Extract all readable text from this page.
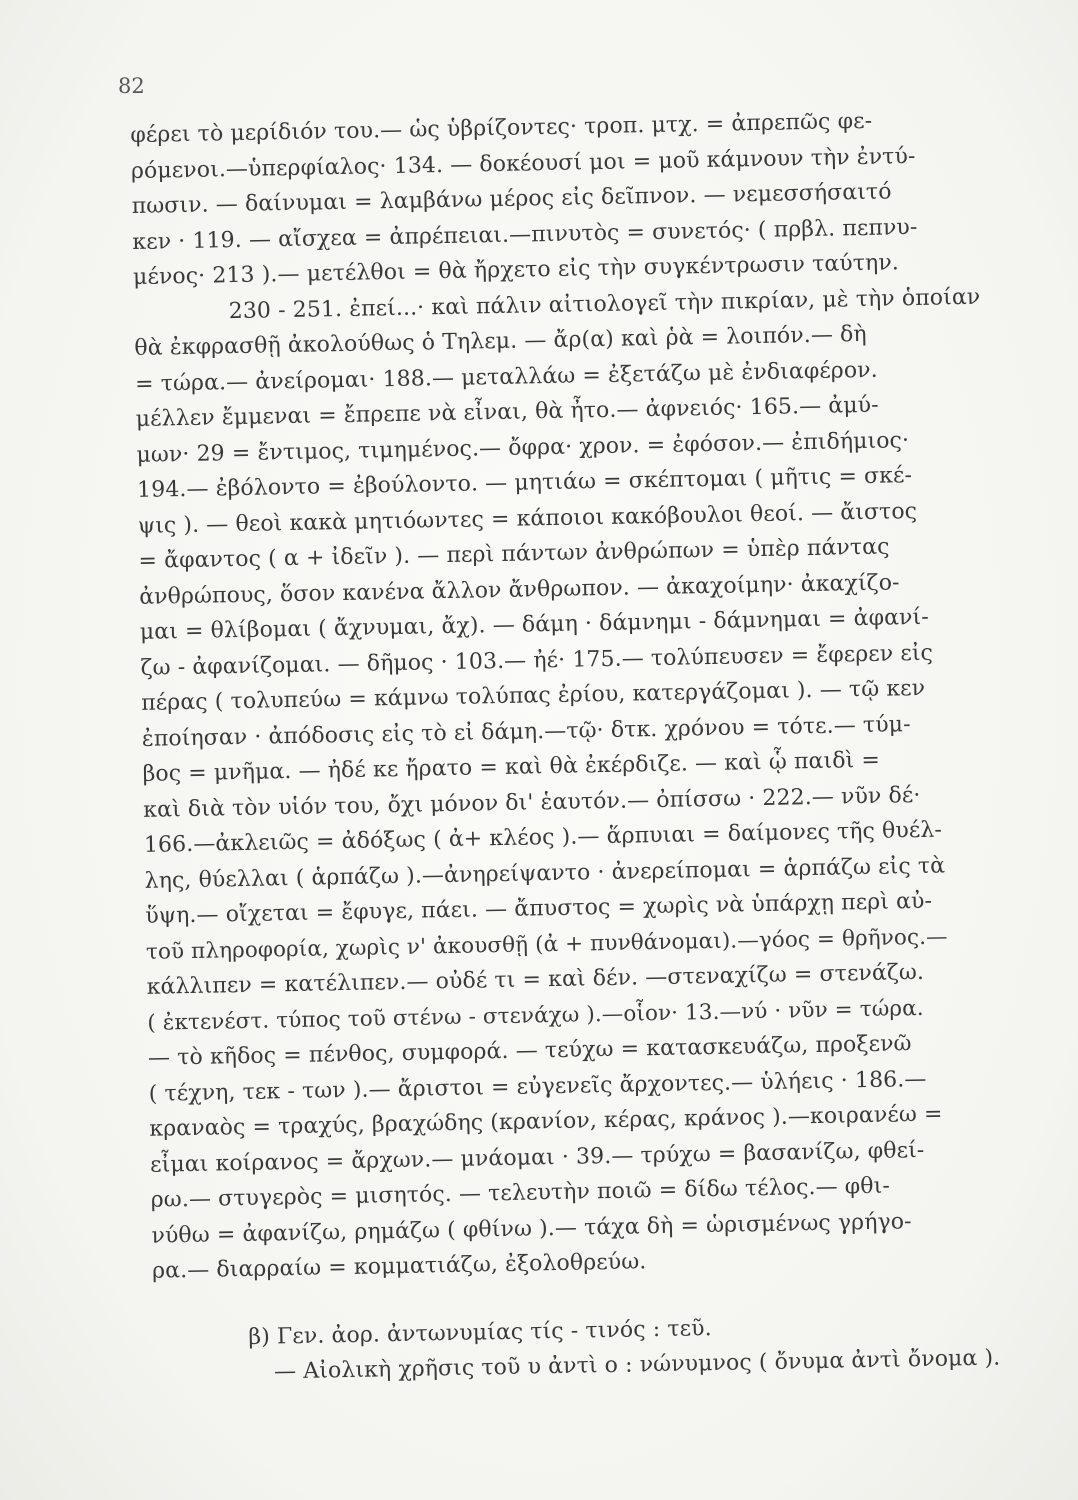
82
φέρει τὸ μερίδιόν του.— ὡς ὑβρίζοντες· τροπ. μτχ. = ἀπρεπῶς φε-
ρόμενοι.—ὑπερφίαλος· 134. — δοκέουσί μοι = μοῦ κάμνουν τὴν ἐντύ-
πωσιν. — δαίνυμαι = λαμβάνω μέρος εἰς δεῖπνον. — νεμεσσήσαιτό
κεν · 119. — αἴσχεα = ἀπρέπειαι.—πινυτὸς = συνετός· ( πρβλ. πεπνυ-
μένος· 213 ).— μετέλθοι = θὰ ἤρχετο εἰς τὴν συγκέντρωσιν ταύτην.
230 - 251. ἐπεί...· καὶ πάλιν αἰτιολογεῖ τὴν πικρίαν, μὲ τὴν ὁποίαν
θὰ ἐκφρασθῇ ἀκολούθως ὁ Τηλεμ. — ἄρ(α) καὶ ῥὰ = λοιπόν.— δὴ
= τώρα.— ἀνείρομαι· 188.— μεταλλάω = ἐξετάζω μὲ ἐνδιαφέρον.
μέλλεν ἔμμεναι = ἔπρεπε νὰ εἶναι, θὰ ἦτο.— ἀφνειός· 165.— ἀμύ-
μων· 29 = ἔντιμος, τιμημένος.— ὄφρα· χρον. = ἐφόσον.— ἐπιδήμιος·
194.— ἐβόλοντο = ἐβούλοντο. — μητιάω = σκέπτομαι ( μῆτις = σκέ-
ψις ). — θεοὶ κακὰ μητιόωντες = κάποιοι κακόβουλοι θεοί. — ἄιστος
= ἄφαντος ( α + ἰδεῖν ). — περὶ πάντων ἀνθρώπων = ὑπὲρ πάντας
ἀνθρώπους, ὅσον κανένα ἄλλον ἄνθρωπον. — ἀκαχοίμην· ἀκαχίζο-
μαι = θλίβομαι ( ἄχνυμαι, ἄχ). — δάμη · δάμνημι - δάμνημαι = ἀφανί-
ζω - ἀφανίζομαι. — δῆμος · 103.— ἠέ· 175.— τολύπευσεν = ἔφερεν εἰς
πέρας ( τολυπεύω = κάμνω τολύπας ἐρίου, κατεργάζομαι ). — τῷ κεν
ἐποίησαν · ἀπόδοσις εἰς τὸ εἰ δάμη.—τῷ· δτκ. χρόνου = τότε.— τύμ-
βος = μνῆμα. — ἠδέ κε ἤρατο = καὶ θὰ ἐκέρδιζε. — καὶ ᾧ παιδὶ =
καὶ διὰ τὸν υἱόν του, ὄχι μόνον δι' ἑαυτόν.— ὀπίσσω · 222.— νῦν δέ·
166.—ἀκλειῶς = ἀδόξως ( ἀ+ κλέος ).— ἅρπυιαι = δαίμονες τῆς θυέλ-
λης, θύελλαι ( ἁρπάζω ).—ἀνηρείψαντο · ἀνερείπομαι = ἁρπάζω εἰς τὰ
ὕψη.— οἴχεται = ἔφυγε, πάει. — ἄπυστος = χωρὶς νὰ ὑπάρχῃ περὶ αὐ-
τοῦ πληροφορία, χωρὶς ν' ἀκουσθῇ (ἀ + πυνθάνομαι).—γόος = θρῆνος.—
κάλλιπεν = κατέλιπεν.— οὐδέ τι = καὶ δέν. —στεναχίζω = στενάζω.
( ἐκτενέστ. τύπος τοῦ στένω - στενάχω ).—οἷον· 13.—νύ · νῦν = τώρα.
— τὸ κῆδος = πένθος, συμφορά. — τεύχω = κατασκευάζω, προξενῶ
( τέχνη, τεκ - των ).— ἄριστοι = εὐγενεῖς ἄρχοντες.— ὑλήεις · 186.—
κραναὸς = τραχύς, βραχώδης (κρανίον, κέρας, κράνος ).—κοιρανέω =
εἶμαι κοίρανος = ἄρχων.— μνάομαι · 39.— τρύχω = βασανίζω, φθεί-
ρω.— στυγερὸς = μισητός. — τελευτὴν ποιῶ = δίδω τέλος.— φθι-
νύθω = ἀφανίζω, ρημάζω ( φθίνω ).— τάχα δὴ = ὡρισμένως γρήγο-
ρα.— διαρραίω = κομματιάζω, ἐξολοθρεύω.
β) Γεν. ἀορ. ἀντωνυμίας τίς - τινός : τεῦ.
— Αἰολικὴ χρῆσις τοῦ υ ἀντὶ ο : νώνυμνος ( ὄνυμα ἀντὶ ὄνομα ).
